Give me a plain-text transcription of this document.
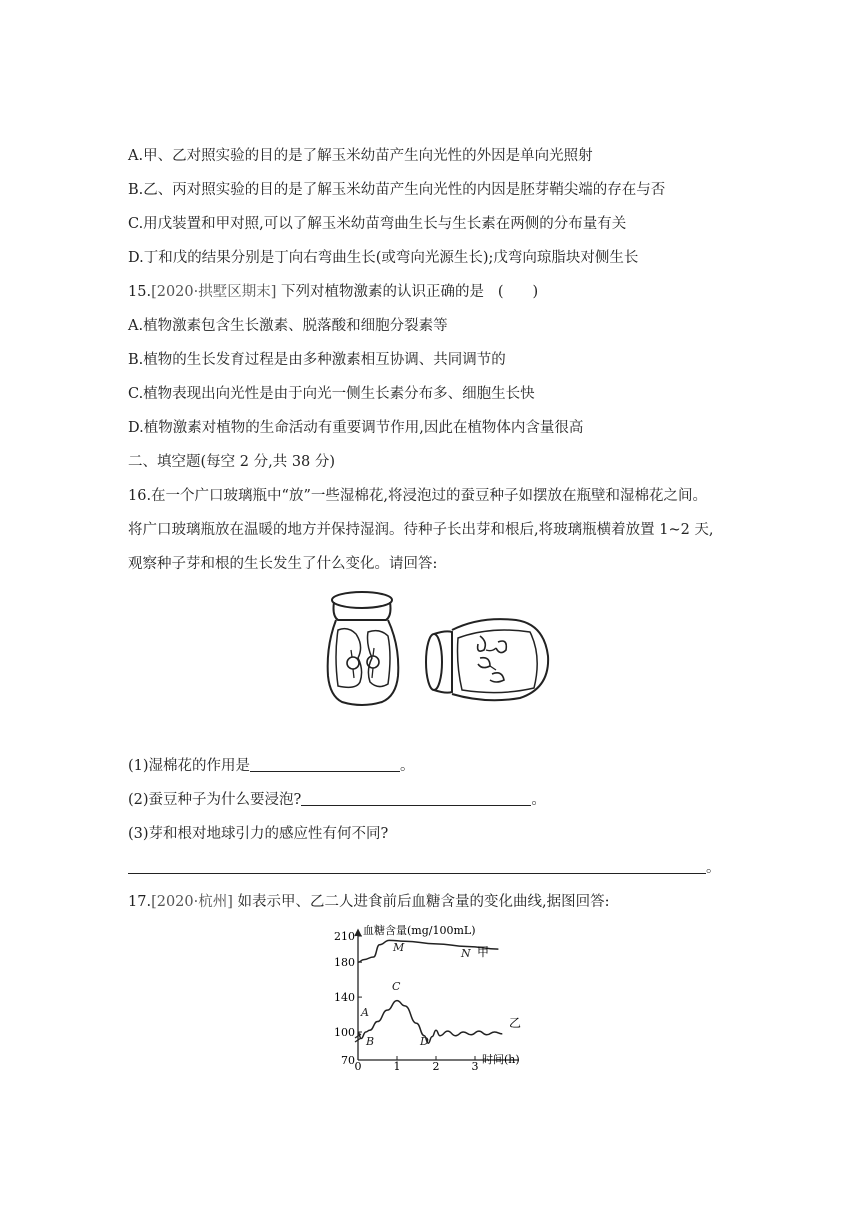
A.甲、乙对照实验的目的是了解玉米幼苗产生向光性的外因是单向光照射
B.乙、丙对照实验的目的是了解玉米幼苗产生向光性的内因是胚芽鞘尖端的存在与否
C.用戊装置和甲对照,可以了解玉米幼苗弯曲生长与生长素在两侧的分布量有关
D.丁和戊的结果分别是丁向右弯曲生长(或弯向光源生长);戊弯向琼脂块对侧生长
15.[2020·拱墅区期末] 下列对植物激素的认识正确的是 (　　)
A.植物激素包含生长激素、脱落酸和细胞分裂素等
B.植物的生长发育过程是由多种激素相互协调、共同调节的
C.植物表现出向光性是由于向光一侧生长素分布多、细胞生长快
D.植物激素对植物的生命活动有重要调节作用,因此在植物体内含量很高
二、填空题(每空 2 分,共 38 分)
16.在一个广口玻璃瓶中“放”一些湿棉花,将浸泡过的蚕豆种子如摆放在瓶壁和湿棉花之间。
将广口玻璃瓶放在温暖的地方并保持湿润。待种子长出芽和根后,将玻璃瓶横着放置 1~2 天,
观察种子芽和根的生长发生了什么变化。请回答:
(1)湿棉花的作用是	。
(2)蚕豆种子为什么要浸泡?	。
(3)芽和根对地球引力的感应性有何不同?
。
17.[2020·杭州] 如表示甲、乙二人进食前后血糖含量的变化曲线,据图回答:
血糖含量(mg/100mL)
时间(h)
210
180
140
100
70 0	1	2	3
M	N
A
B
C
D
甲
乙
